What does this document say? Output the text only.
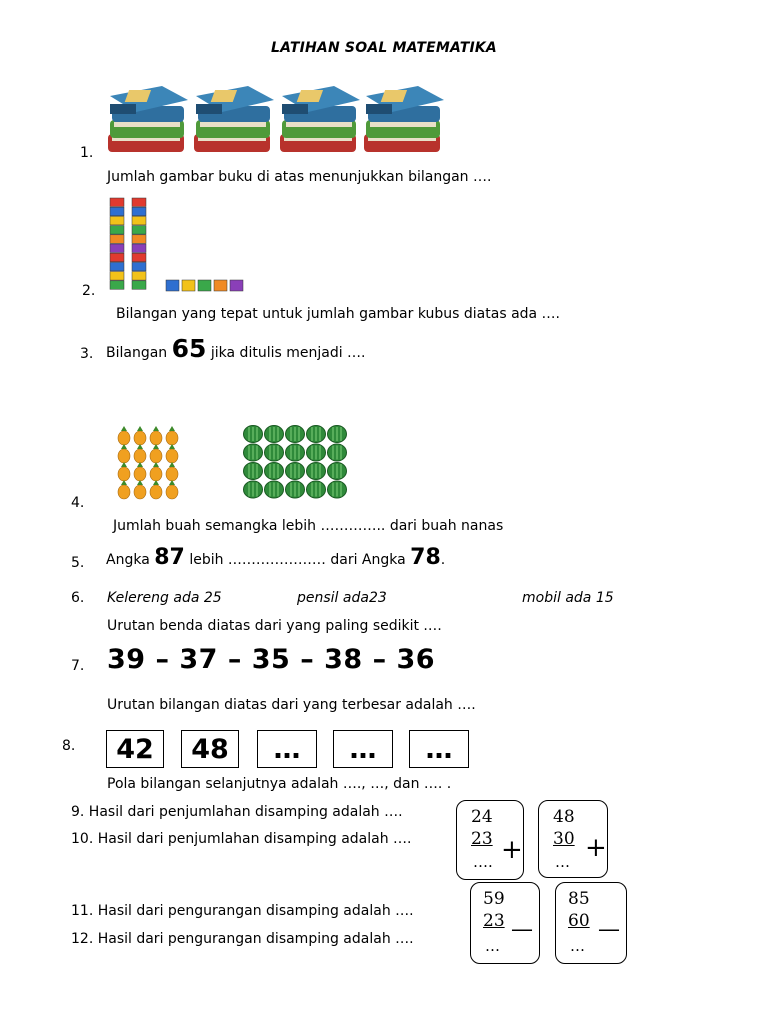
LATIHAN SOAL MATEMATIKA
1.
Jumlah gambar buku di atas menunjukkan bilangan ….
2.
Bilangan yang tepat untuk jumlah gambar kubus diatas ada ….
3. Bilangan 65 jika ditulis menjadi ….
4.
Jumlah buah semangka lebih ………….. dari buah nanas
5. Angka 87 lebih ………………… dari Angka 78.
6. Kelereng ada 25	pensil ada23	mobil ada 15
Urutan benda diatas dari yang paling sedikit .…
7. 39 – 37 – 35 – 38 – 36
Urutan bilangan diatas dari yang terbesar adalah ….
8.	42	48	…	…	…
Pola bilangan selanjutnya adalah …., …, dan …. .
9. Hasil dari penjumlahan disamping adalah ….
10. Hasil dari penjumlahan disamping adalah ….
11. Hasil dari pengurangan disamping adalah ….
12. Hasil dari pengurangan disamping adalah ….
24
23
…. +
48
30
… +
59
23
…
—
85
60
…
—
